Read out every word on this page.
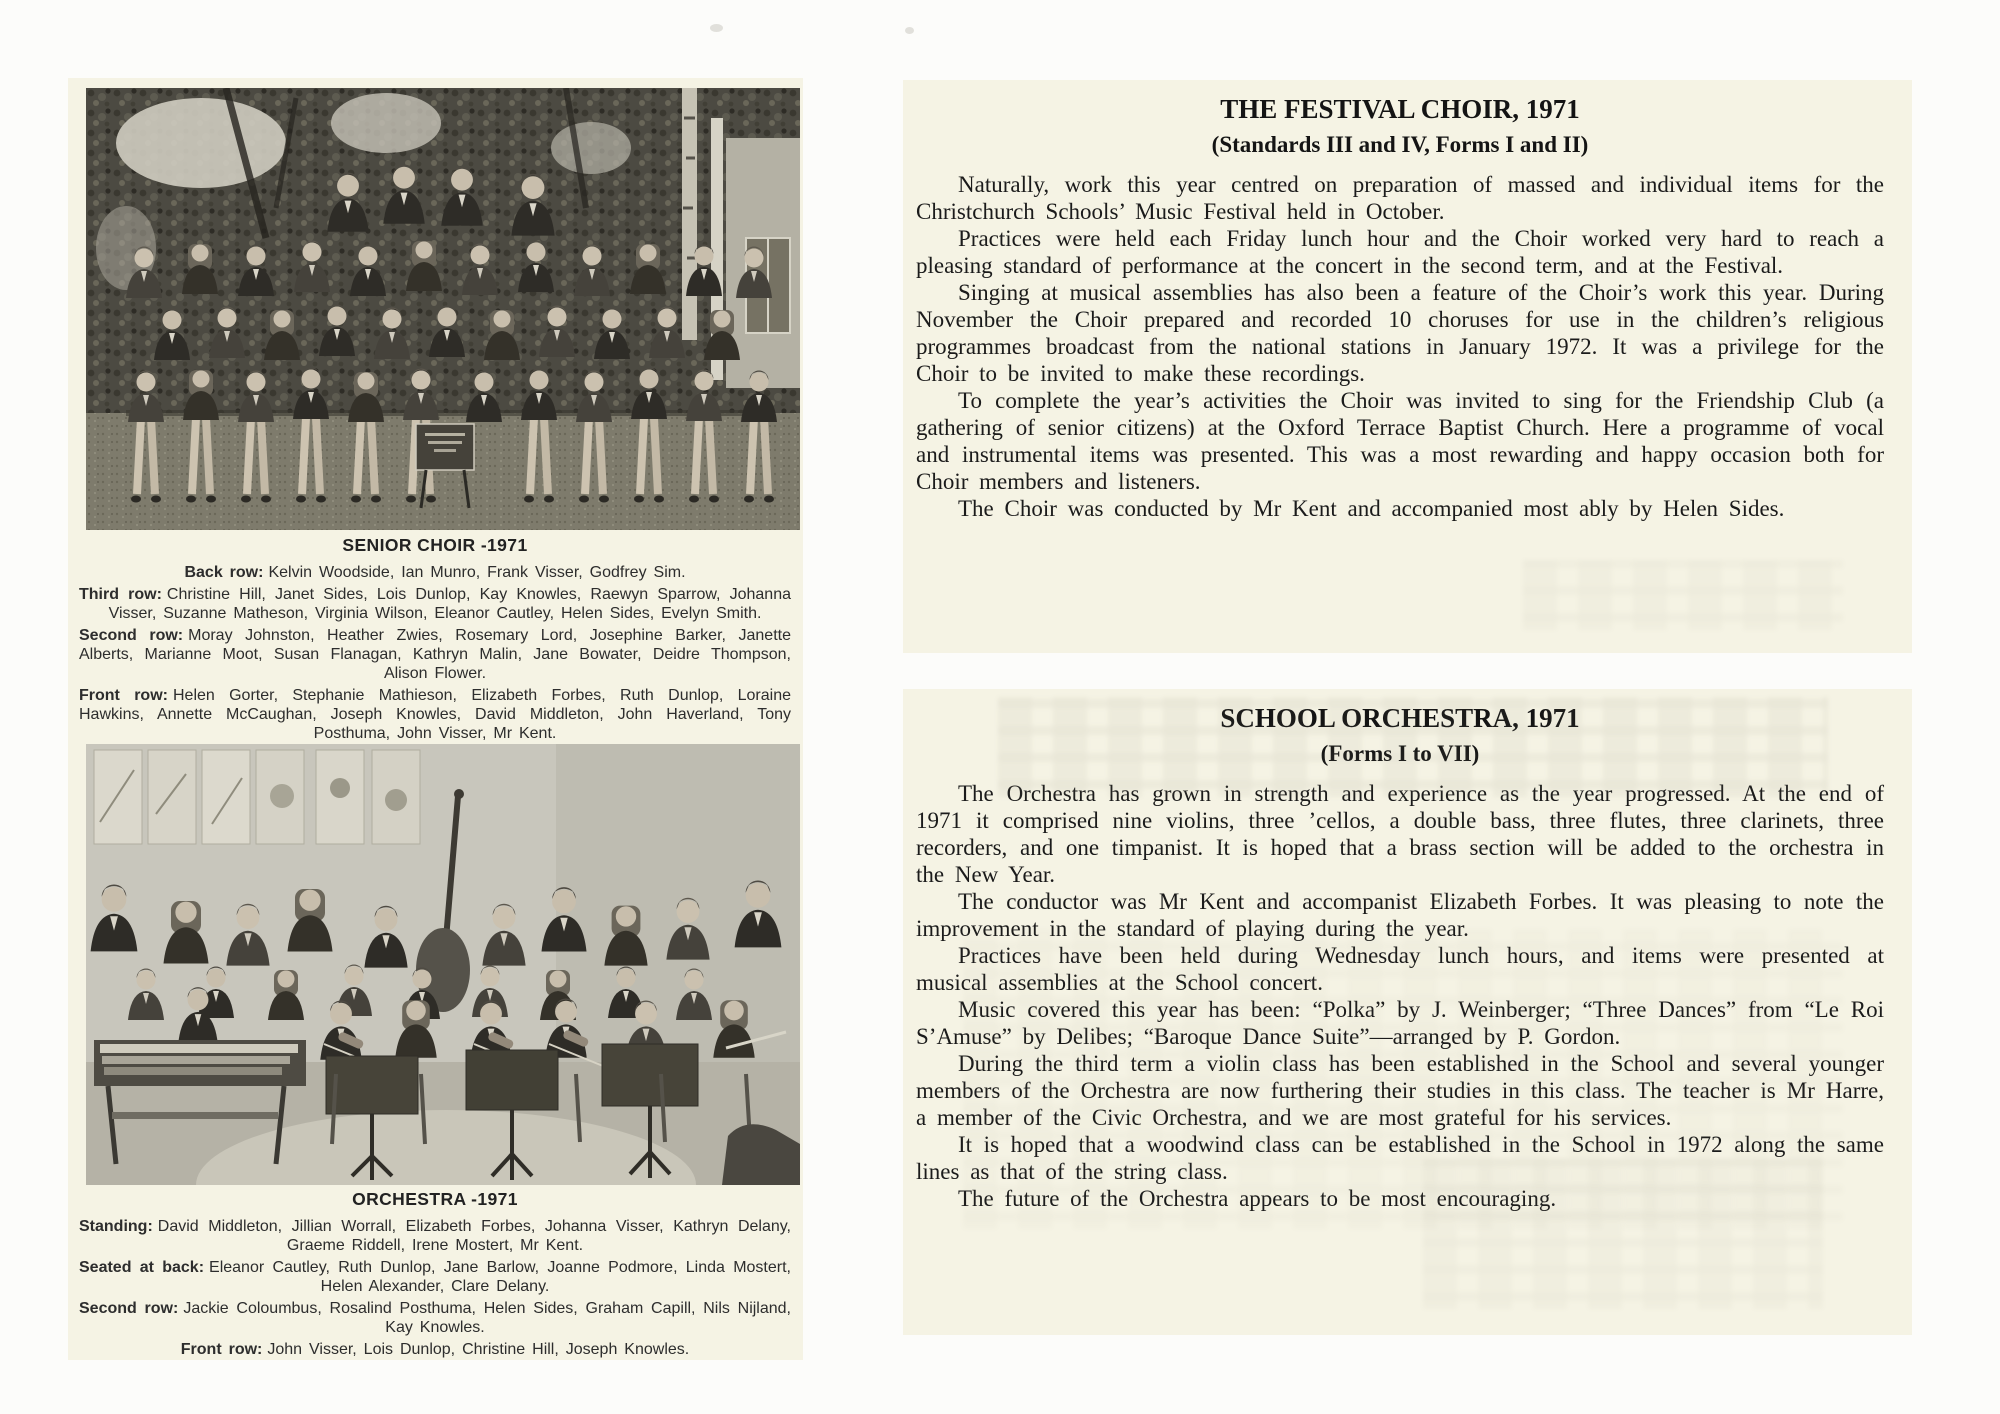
SENIOR CHOIR -1971
Back row: Kelvin Woodside, Ian Munro, Frank Visser, Godfrey Sim.
Third row: Christine Hill, Janet Sides, Lois Dunlop, Kay Knowles, Raewyn Sparrow, Johanna Visser, Suzanne Matheson, Virginia Wilson, Eleanor Cautley, Helen Sides, Evelyn Smith.
Second row: Moray Johnston, Heather Zwies, Rosemary Lord, Josephine Barker, Janette Alberts, Marianne Moot, Susan Flanagan, Kathryn Malin, Jane Bowater, Deidre Thompson, Alison Flower.
Front row: Helen Gorter, Stephanie Mathieson, Elizabeth Forbes, Ruth Dunlop, Loraine Hawkins, Annette McCaughan, Joseph Knowles, David Middleton, John Haverland, Tony Posthuma, John Visser, Mr Kent.
ORCHESTRA -1971
Standing: David Middleton, Jillian Worrall, Elizabeth Forbes, Johanna Visser, Kathryn Delany, Graeme Riddell, Irene Mostert, Mr Kent.
Seated at back: Eleanor Cautley, Ruth Dunlop, Jane Barlow, Joanne Podmore, Linda Mostert, Helen Alexander, Clare Delany.
Second row: Jackie Coloumbus, Rosalind Posthuma, Helen Sides, Graham Capill, Nils Nijland, Kay Knowles.
Front row: John Visser, Lois Dunlop, Christine Hill, Joseph Knowles.
THE FESTIVAL CHOIR, 1971
(Standards III and IV, Forms I and II)

Naturally, work this year centred on preparation of massed and individual items for the Christchurch Schools’ Music Festival held in October.

Practices were held each Friday lunch hour and the Choir worked very hard to reach a pleasing standard of performance at the concert in the second term, and at the Festival.

Singing at musical assemblies has also been a feature of the Choir’s work this year. During November the Choir prepared and recorded 10 choruses for use in the children’s religious programmes broadcast from the national stations in January 1972. It was a privilege for the Choir to be invited to make these recordings.

To complete the year’s activities the Choir was invited to sing for the Friendship Club (a gathering of senior citizens) at the Oxford Terrace Baptist Church. Here a programme of vocal and instrumental items was presented. This was a most rewarding and happy occasion both for Choir members and listeners.

The Choir was conducted by Mr Kent and accompanied most ably by Helen Sides.

SCHOOL ORCHESTRA, 1971
(Forms I to VII)

The Orchestra has grown in strength and experience as the year progressed. At the end of 1971 it comprised nine violins, three ’cellos, a double bass, three flutes, three clarinets, three recorders, and one timpanist. It is hoped that a brass section will be added to the orchestra in the New Year.

The conductor was Mr Kent and accompanist Elizabeth Forbes. It was pleasing to note the improvement in the standard of playing during the year.

Practices have been held during Wednesday lunch hours, and items were presented at musical assemblies at the School concert.

Music covered this year has been: “Polka” by J. Weinberger; “Three Dances” from “Le Roi S’Amuse” by Delibes; “Baroque Dance Suite”—arranged by P. Gordon.

During the third term a violin class has been established in the School and several younger members of the Orchestra are now furthering their studies in this class. The teacher is Mr Harre, a member of the Civic Orchestra, and we are most grateful for his services.

It is hoped that a woodwind class can be established in the School in 1972 along the same lines as that of the string class.

The future of the Orchestra appears to be most encouraging.
